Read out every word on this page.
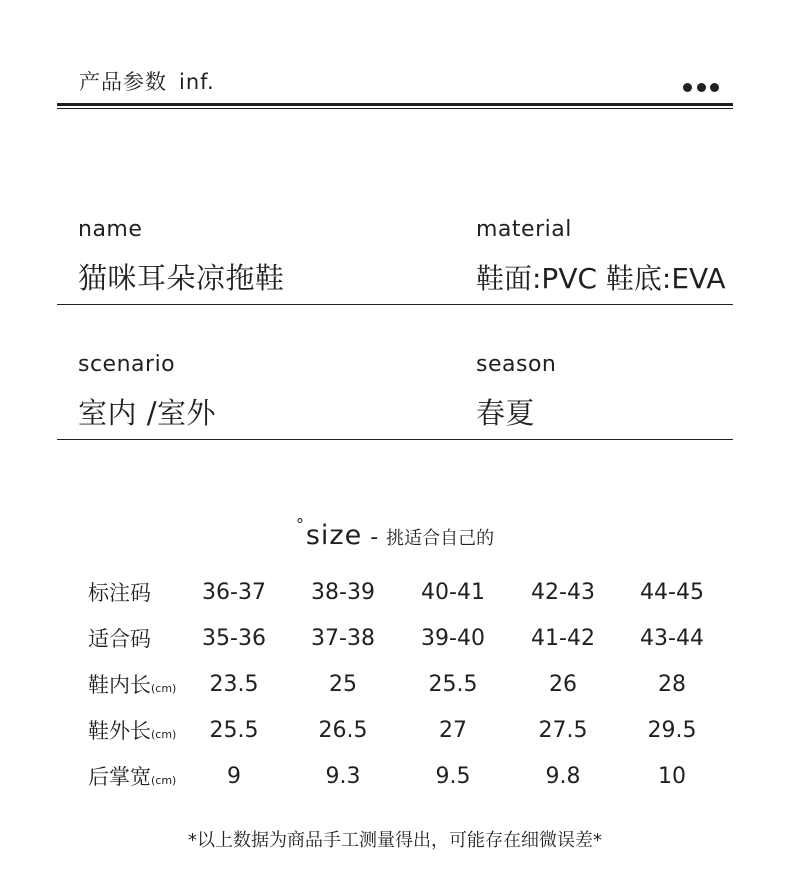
产品参数 inf.
name
猫咪耳朵凉拖鞋
material
鞋面:PVC 鞋底:EVA
scenario
室内 /室外
season
春夏
°size - 挑适合自己的
标注码	36-37	38-39	40-41	42-43	44-45
适合码	35-36	37-38	39-40	41-42	43-44
鞋内长(cm)	23.5	25	25.5	26	28
鞋外长(cm)	25.5	26.5	27	27.5	29.5
后掌宽(cm)	9	9.3	9.5	9.8	10
*以上数据为商品手工测量得出，可能存在细微误差*
